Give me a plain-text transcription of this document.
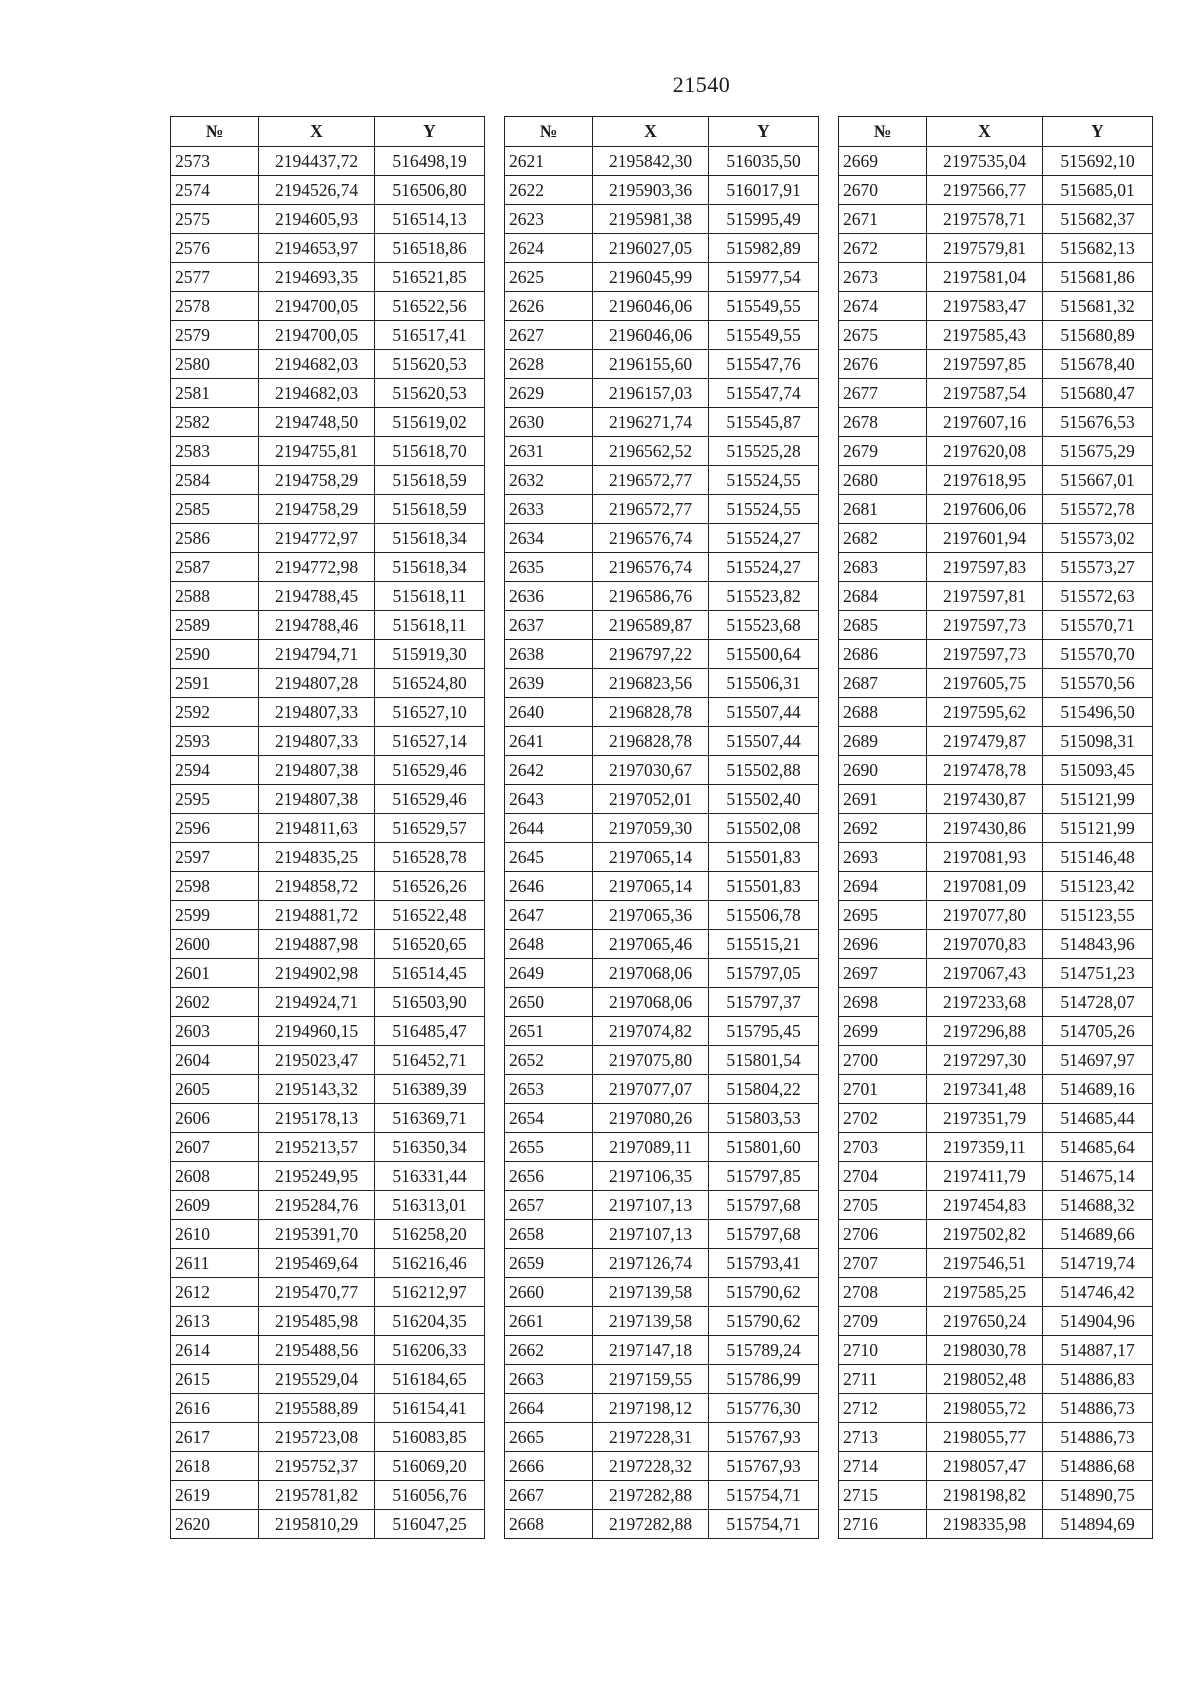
21540
№	X	Y
2573	2194437,72	516498,19
2574	2194526,74	516506,80
2575	2194605,93	516514,13
2576	2194653,97	516518,86
2577	2194693,35	516521,85
2578	2194700,05	516522,56
2579	2194700,05	516517,41
2580	2194682,03	515620,53
2581	2194682,03	515620,53
2582	2194748,50	515619,02
2583	2194755,81	515618,70
2584	2194758,29	515618,59
2585	2194758,29	515618,59
2586	2194772,97	515618,34
2587	2194772,98	515618,34
2588	2194788,45	515618,11
2589	2194788,46	515618,11
2590	2194794,71	515919,30
2591	2194807,28	516524,80
2592	2194807,33	516527,10
2593	2194807,33	516527,14
2594	2194807,38	516529,46
2595	2194807,38	516529,46
2596	2194811,63	516529,57
2597	2194835,25	516528,78
2598	2194858,72	516526,26
2599	2194881,72	516522,48
2600	2194887,98	516520,65
2601	2194902,98	516514,45
2602	2194924,71	516503,90
2603	2194960,15	516485,47
2604	2195023,47	516452,71
2605	2195143,32	516389,39
2606	2195178,13	516369,71
2607	2195213,57	516350,34
2608	2195249,95	516331,44
2609	2195284,76	516313,01
2610	2195391,70	516258,20
2611	2195469,64	516216,46
2612	2195470,77	516212,97
2613	2195485,98	516204,35
2614	2195488,56	516206,33
2615	2195529,04	516184,65
2616	2195588,89	516154,41
2617	2195723,08	516083,85
2618	2195752,37	516069,20
2619	2195781,82	516056,76
2620	2195810,29	516047,25
№	X	Y
2621	2195842,30	516035,50
2622	2195903,36	516017,91
2623	2195981,38	515995,49
2624	2196027,05	515982,89
2625	2196045,99	515977,54
2626	2196046,06	515549,55
2627	2196046,06	515549,55
2628	2196155,60	515547,76
2629	2196157,03	515547,74
2630	2196271,74	515545,87
2631	2196562,52	515525,28
2632	2196572,77	515524,55
2633	2196572,77	515524,55
2634	2196576,74	515524,27
2635	2196576,74	515524,27
2636	2196586,76	515523,82
2637	2196589,87	515523,68
2638	2196797,22	515500,64
2639	2196823,56	515506,31
2640	2196828,78	515507,44
2641	2196828,78	515507,44
2642	2197030,67	515502,88
2643	2197052,01	515502,40
2644	2197059,30	515502,08
2645	2197065,14	515501,83
2646	2197065,14	515501,83
2647	2197065,36	515506,78
2648	2197065,46	515515,21
2649	2197068,06	515797,05
2650	2197068,06	515797,37
2651	2197074,82	515795,45
2652	2197075,80	515801,54
2653	2197077,07	515804,22
2654	2197080,26	515803,53
2655	2197089,11	515801,60
2656	2197106,35	515797,85
2657	2197107,13	515797,68
2658	2197107,13	515797,68
2659	2197126,74	515793,41
2660	2197139,58	515790,62
2661	2197139,58	515790,62
2662	2197147,18	515789,24
2663	2197159,55	515786,99
2664	2197198,12	515776,30
2665	2197228,31	515767,93
2666	2197228,32	515767,93
2667	2197282,88	515754,71
2668	2197282,88	515754,71
№	X	Y
2669	2197535,04	515692,10
2670	2197566,77	515685,01
2671	2197578,71	515682,37
2672	2197579,81	515682,13
2673	2197581,04	515681,86
2674	2197583,47	515681,32
2675	2197585,43	515680,89
2676	2197597,85	515678,40
2677	2197587,54	515680,47
2678	2197607,16	515676,53
2679	2197620,08	515675,29
2680	2197618,95	515667,01
2681	2197606,06	515572,78
2682	2197601,94	515573,02
2683	2197597,83	515573,27
2684	2197597,81	515572,63
2685	2197597,73	515570,71
2686	2197597,73	515570,70
2687	2197605,75	515570,56
2688	2197595,62	515496,50
2689	2197479,87	515098,31
2690	2197478,78	515093,45
2691	2197430,87	515121,99
2692	2197430,86	515121,99
2693	2197081,93	515146,48
2694	2197081,09	515123,42
2695	2197077,80	515123,55
2696	2197070,83	514843,96
2697	2197067,43	514751,23
2698	2197233,68	514728,07
2699	2197296,88	514705,26
2700	2197297,30	514697,97
2701	2197341,48	514689,16
2702	2197351,79	514685,44
2703	2197359,11	514685,64
2704	2197411,79	514675,14
2705	2197454,83	514688,32
2706	2197502,82	514689,66
2707	2197546,51	514719,74
2708	2197585,25	514746,42
2709	2197650,24	514904,96
2710	2198030,78	514887,17
2711	2198052,48	514886,83
2712	2198055,72	514886,73
2713	2198055,77	514886,73
2714	2198057,47	514886,68
2715	2198198,82	514890,75
2716	2198335,98	514894,69
